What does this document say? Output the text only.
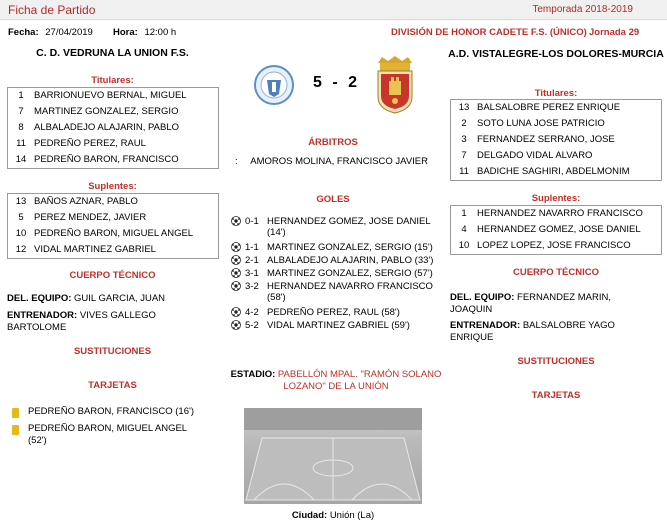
Ficha de Partido	Temporada 2018-2019
Fecha: 27/04/2019 Hora: 12:00 h	DIVISIÓN DE HONOR CADETE F.S. (ÚNICO) Jornada 29
C. D. VEDRUNA LA UNION F.S.	A.D. VISTALEGRE-LOS DOLORES-MURCIA
5 - 2
Titulares:
1	BARRIONUEVO BERNAL, MIGUEL
7	MARTINEZ GONZALEZ, SERGIO
8	ALBALADEJO ALAJARIN, PABLO
11 PEDREÑO PEREZ, RAUL
14 PEDREÑO BARON, FRANCISCO
Suplentes:
13 BAÑOS AZNAR, PABLO
5	PEREZ MENDEZ, JAVIER
10 PEDREÑO BARON, MIGUEL ANGEL
12 VIDAL MARTINEZ GABRIEL
CUERPO TÉCNICO
DEL. EQUIPO: GUIL GARCIA, JUAN
ENTRENADOR: VIVES GALLEGO BARTOLOME
SUSTITUCIONES
TARJETAS
PEDREÑO BARON, FRANCISCO (16')
PEDREÑO BARON, MIGUEL ANGEL (52')
ÁRBITROS
: AMOROS MOLINA, FRANCISCO JAVIER
GOLES
0-1 HERNANDEZ GOMEZ, JOSE DANIEL (14')
1-1 MARTINEZ GONZALEZ, SERGIO (15')
2-1 ALBALADEJO ALAJARIN, PABLO (33')
3-1 MARTINEZ GONZALEZ, SERGIO (57')
3-2 HERNANDEZ NAVARRO FRANCISCO (58')
4-2 PEDREÑO PEREZ, RAUL (58')
5-2 VIDAL MARTINEZ GABRIEL (59')
ESTADIO: PABELLÓN MPAL. "RAMÓN SOLANO LOZANO" DE LA UNIÓN
Ciudad: Unión (La)
Titulares:
13 BALSALOBRE PEREZ ENRIQUE
2	SOTO LUNA JOSE PATRICIO
3	FERNANDEZ SERRANO, JOSE
7	DELGADO VIDAL ALVARO
11 BADICHE SAGHIRI, ABDELMONIM
Suplentes:
1	HERNANDEZ NAVARRO FRANCISCO
4	HERNANDEZ GOMEZ, JOSE DANIEL
10 LOPEZ LOPEZ, JOSE FRANCISCO
CUERPO TÉCNICO
DEL. EQUIPO: FERNANDEZ MARIN, JOAQUIN
ENTRENADOR: BALSALOBRE YAGO ENRIQUE
SUSTITUCIONES
TARJETAS
